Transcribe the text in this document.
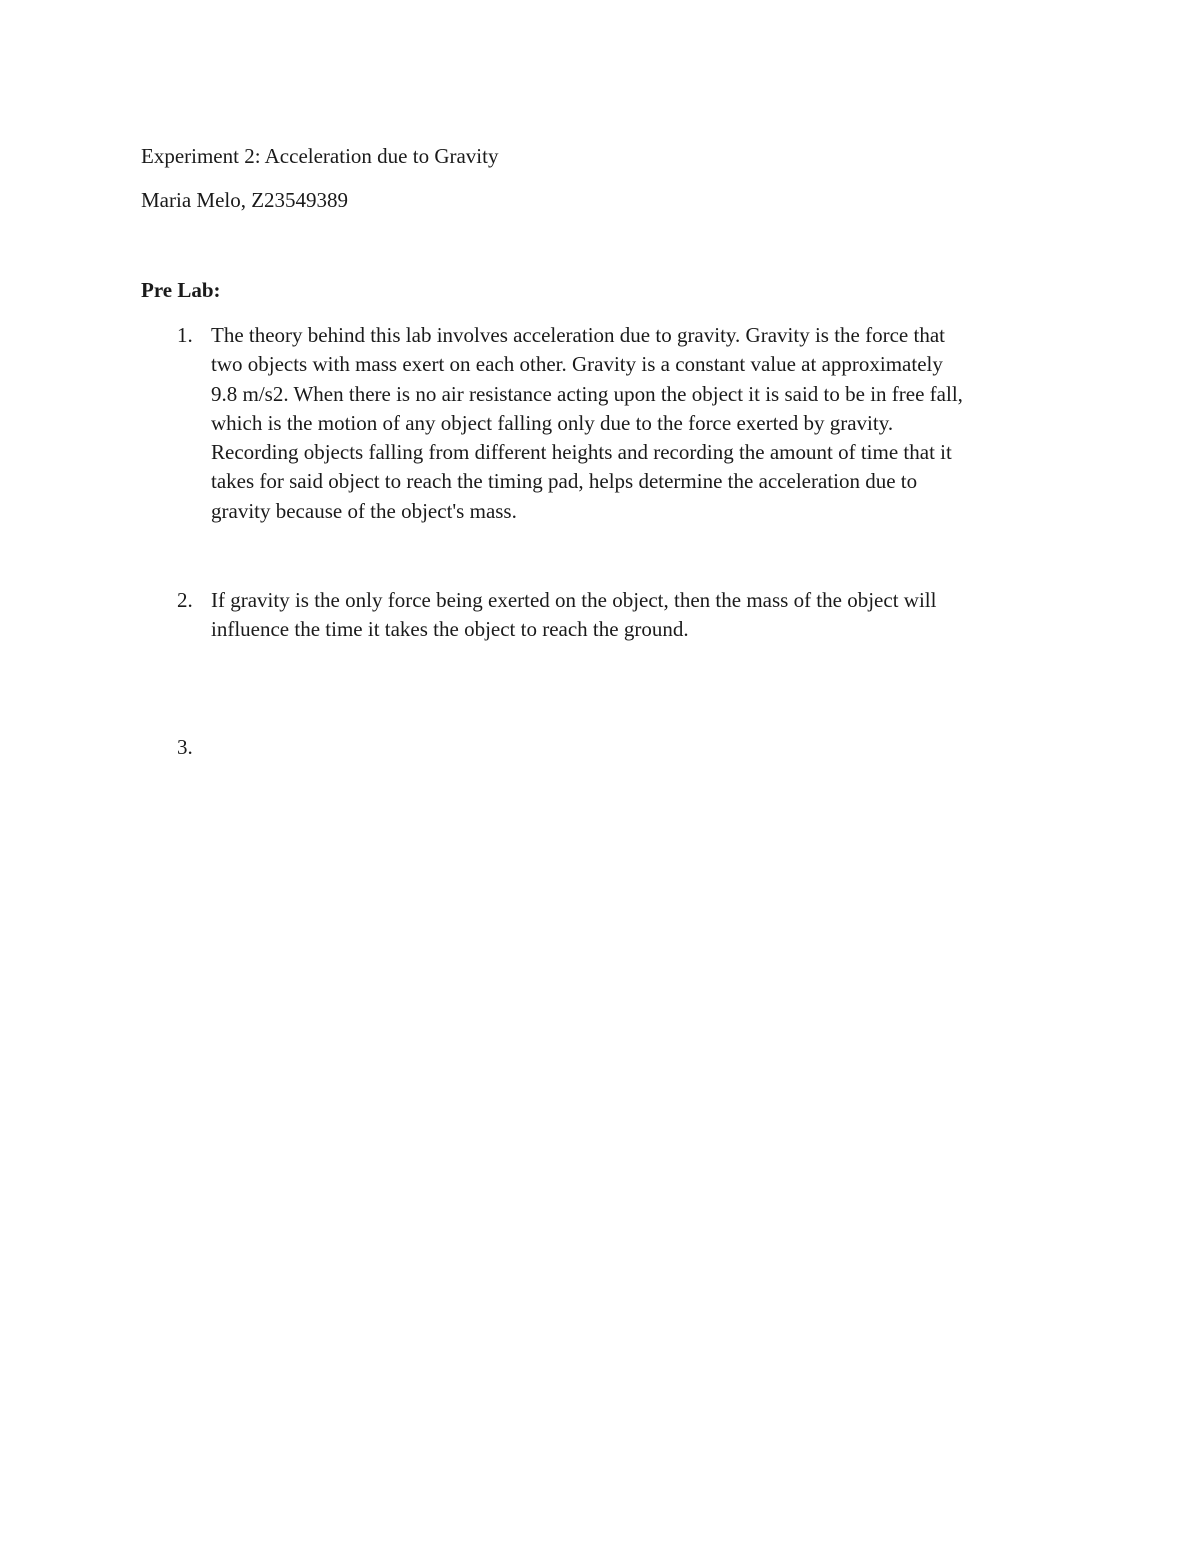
Experiment 2: Acceleration due to Gravity
Maria Melo, Z23549389
Pre Lab:
1. The theory behind this lab involves acceleration due to gravity. Gravity is the force that
two objects with mass exert on each other. Gravity is a constant value at approximately
9.8 m/s2. When there is no air resistance acting upon the object it is said to be in free fall,
which is the motion of any object falling only due to the force exerted by gravity.
Recording objects falling from different heights and recording the amount of time that it
takes for said object to reach the timing pad, helps determine the acceleration due to
gravity because of the object's mass.
2. If gravity is the only force being exerted on the object, then the mass of the object will
influence the time it takes the object to reach the ground.
3.
